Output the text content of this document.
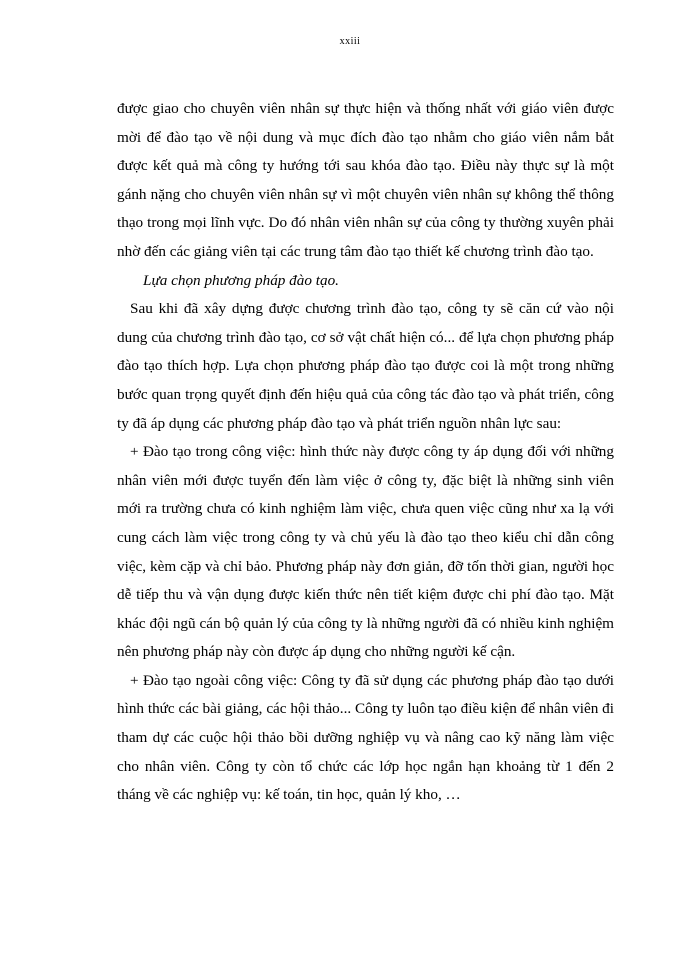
xxiii

được giao cho chuyên viên nhân sự thực hiện và thống nhất với giáo viên được mời để đào tạo về nội dung và mục đích đào tạo nhằm cho giáo viên nắm bắt được kết quả mà công ty hướng tới sau khóa đào tạo. Điều này thực sự là một gánh nặng cho chuyên viên nhân sự vì một chuyên viên nhân sự không thể thông thạo trong mọi lĩnh vực. Do đó nhân viên nhân sự của công ty thường xuyên phải nhờ đến các giảng viên tại các trung tâm đào tạo thiết kế chương trình đào tạo.

Lựa chọn phương pháp đào tạo.

Sau khi đã xây dựng được chương trình đào tạo, công ty sẽ căn cứ vào nội dung của chương trình đào tạo, cơ sở vật chất hiện có... để lựa chọn phương pháp đào tạo thích hợp. Lựa chọn phương pháp đào tạo được coi là một trong những bước quan trọng quyết định đến hiệu quả của công tác đào tạo và phát triển, công ty đã áp dụng các phương pháp đào tạo và phát triển nguồn nhân lực sau:

+ Đào tạo trong công việc: hình thức này được công ty áp dụng đối với những nhân viên mới được tuyển đến làm việc ở công ty, đặc biệt là những sinh viên mới ra trường chưa có kinh nghiệm làm việc, chưa quen việc cũng như xa lạ với cung cách làm việc trong công ty và chủ yếu là đào tạo theo kiểu chỉ dẫn công việc, kèm cặp và chỉ bảo. Phương pháp này đơn giản, đỡ tốn thời gian, người học dễ tiếp thu và vận dụng được kiến thức nên tiết kiệm được chi phí đào tạo. Mặt khác đội ngũ cán bộ quản lý của công ty là những người đã có nhiều kinh nghiệm nên phương pháp này còn được áp dụng cho những người kế cận.

+ Đào tạo ngoài công việc: Công ty đã sử dụng các phương pháp đào tạo dưới hình thức các bài giảng, các hội thảo... Công ty luôn tạo điều kiện để nhân viên đi tham dự các cuộc hội thảo bồi dưỡng nghiệp vụ và nâng cao kỹ năng làm việc cho nhân viên. Công ty còn tổ chức các lớp học ngắn hạn khoảng từ 1 đến 2 tháng về các nghiệp vụ: kế toán, tin học, quản lý kho, …
